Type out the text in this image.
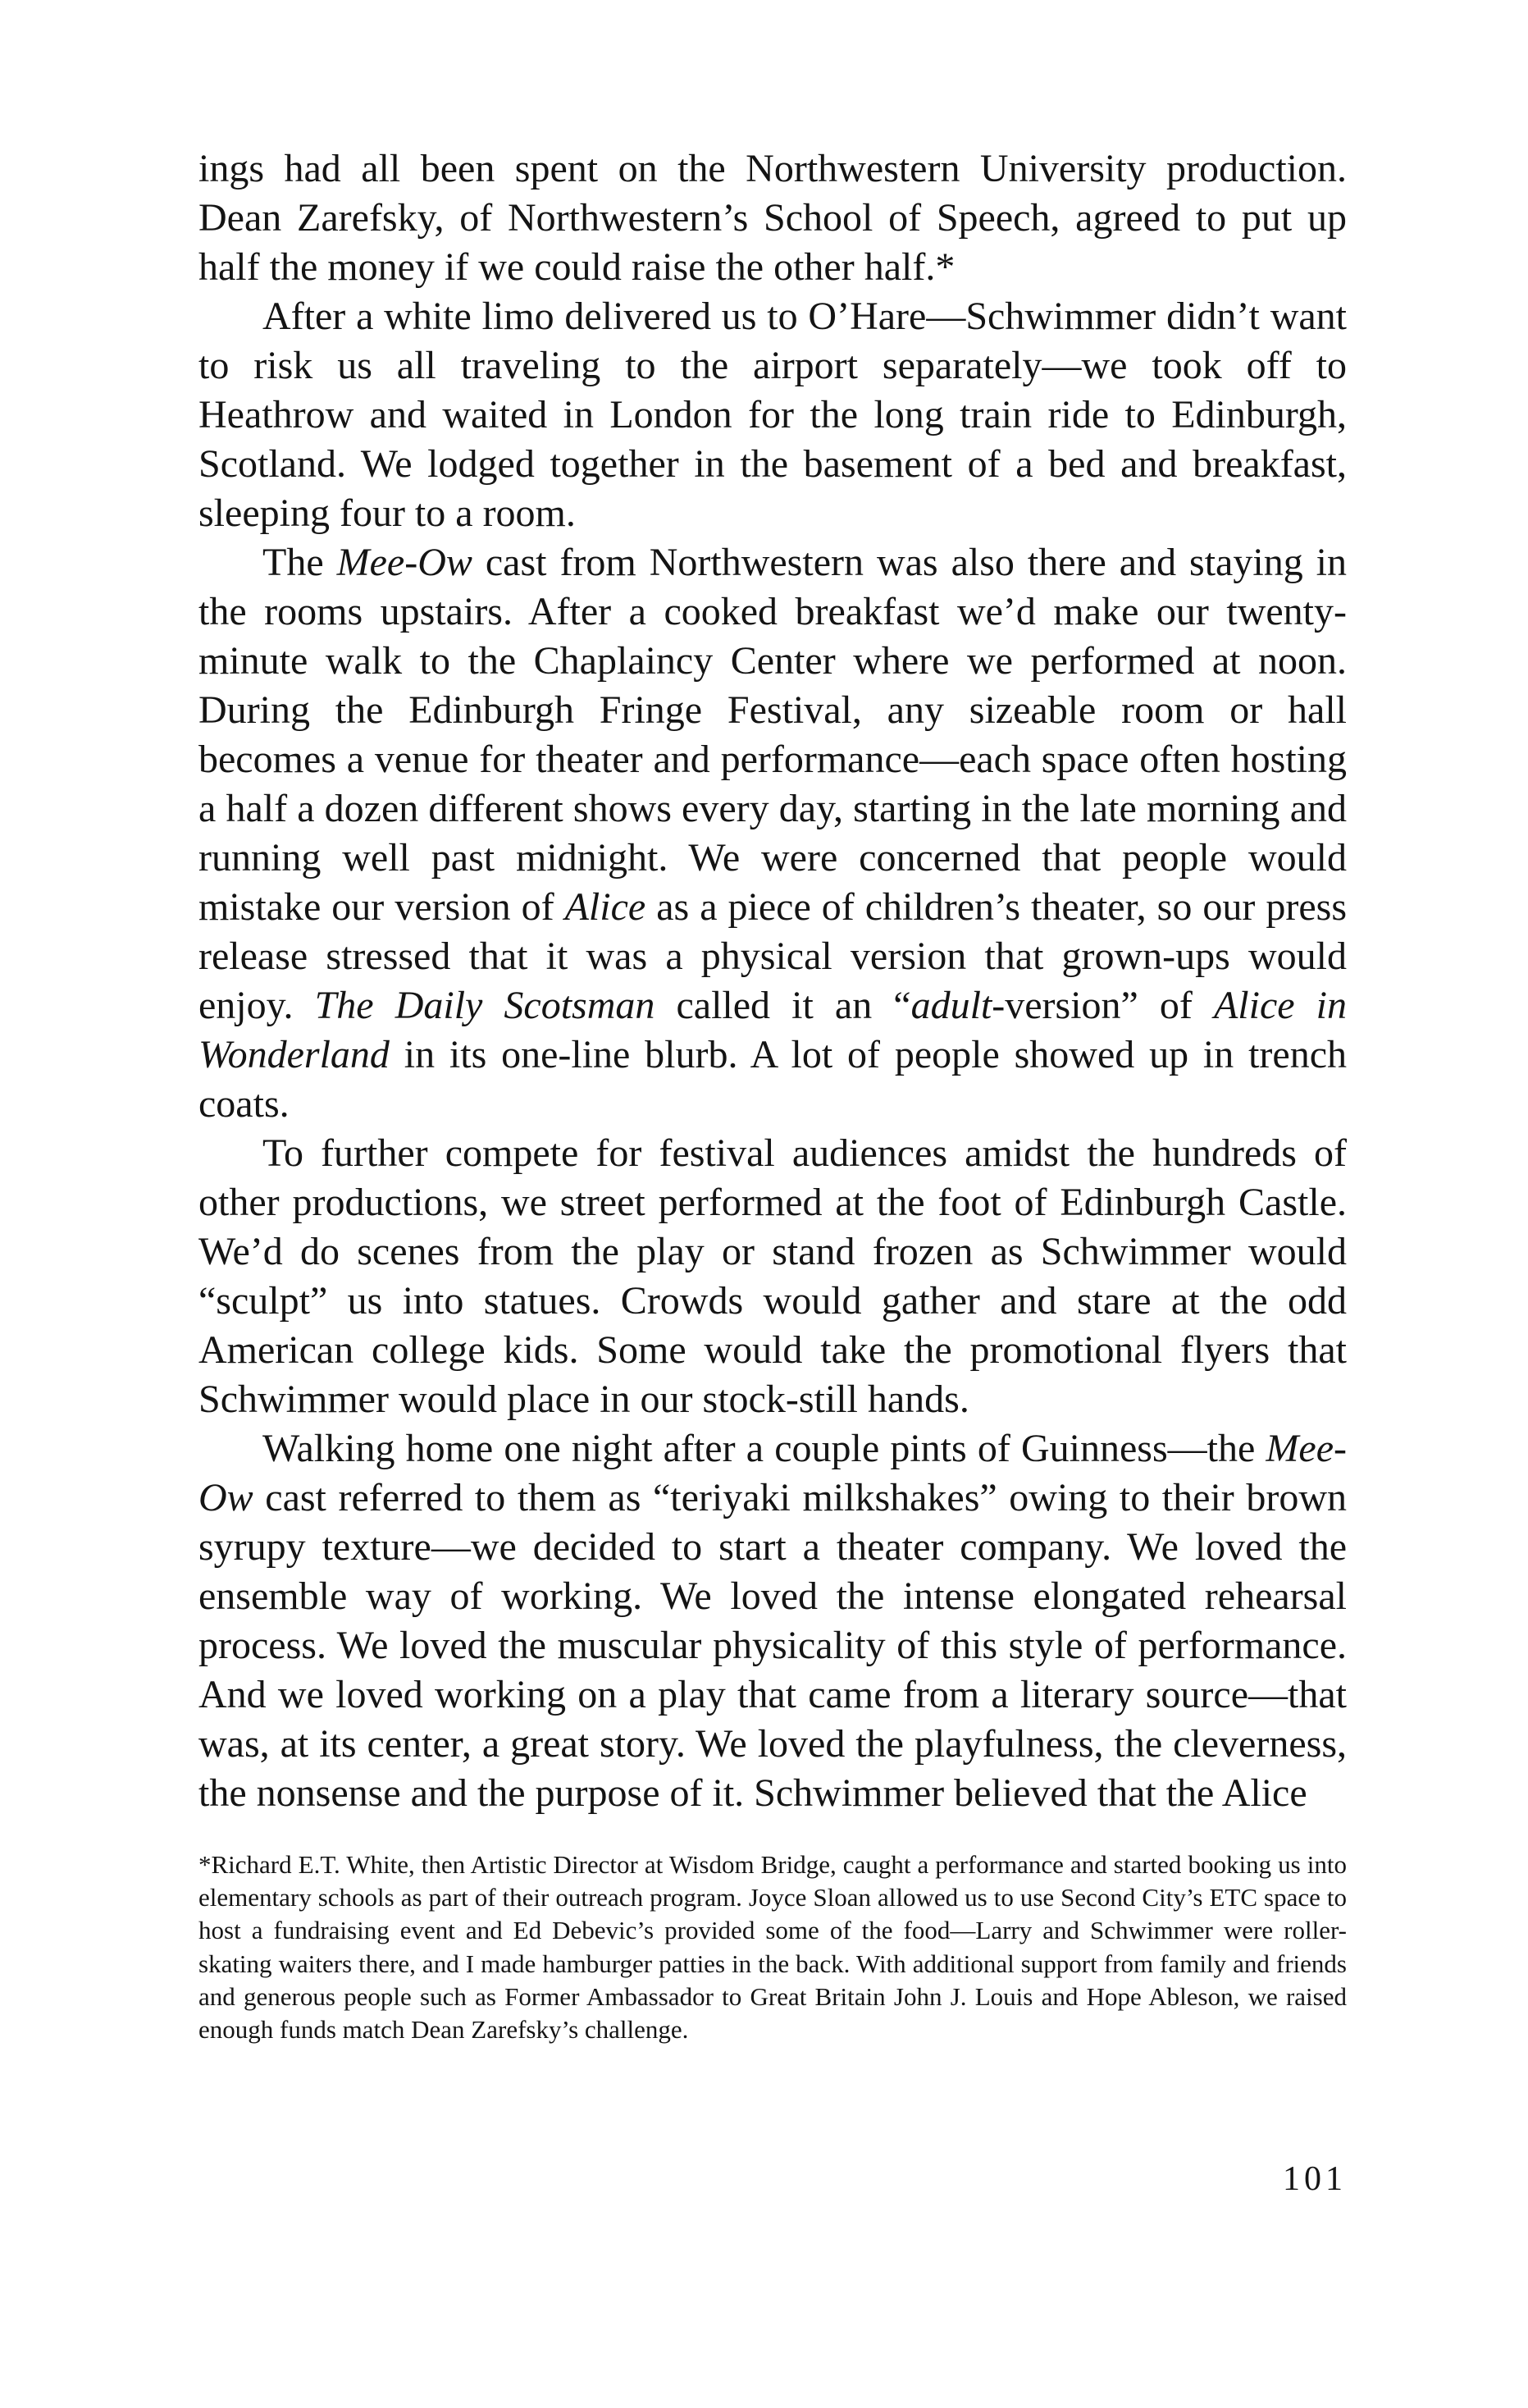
ings had all been spent on the Northwestern University production. Dean Zarefsky, of Northwestern’s School of Speech, agreed to put up half the money if we could raise the other half.*

After a white limo delivered us to O’Hare—Schwimmer didn’t want to risk us all traveling to the airport separately—we took off to Heathrow and waited in London for the long train ride to Edinburgh, Scotland. We lodged together in the basement of a bed and breakfast, sleeping four to a room.

The Mee-Ow cast from Northwestern was also there and staying in the rooms upstairs. After a cooked breakfast we’d make our twenty-minute walk to the Chaplaincy Center where we performed at noon. During the Edinburgh Fringe Festival, any sizeable room or hall becomes a venue for theater and performance—each space often hosting a half a dozen different shows every day, starting in the late morning and running well past midnight. We were concerned that people would mistake our version of Alice as a piece of children’s theater, so our press release stressed that it was a physical version that grown-ups would enjoy. The Daily Scotsman called it an “adult-version” of Alice in Wonderland in its one-line blurb. A lot of people showed up in trench coats.

To further compete for festival audiences amidst the hundreds of other productions, we street performed at the foot of Edinburgh Castle. We’d do scenes from the play or stand frozen as Schwimmer would “sculpt” us into statues. Crowds would gather and stare at the odd American college kids. Some would take the promotional flyers that Schwimmer would place in our stock-still hands.

Walking home one night after a couple pints of Guinness—the Mee-Ow cast referred to them as “teriyaki milkshakes” owing to their brown syrupy texture—we decided to start a theater company. We loved the ensemble way of working. We loved the intense elongated rehearsal process. We loved the muscular physicality of this style of performance. And we loved working on a play that came from a literary source—that was, at its center, a great story. We loved the playfulness, the cleverness, the nonsense and the purpose of it. Schwimmer believed that the Alice

*Richard E.T. White, then Artistic Director at Wisdom Bridge, caught a performance and started booking us into elementary schools as part of their outreach program. Joyce Sloan allowed us to use Second City’s ETC space to host a fundraising event and Ed Debevic’s provided some of the food—Larry and Schwimmer were roller-skating waiters there, and I made hamburger patties in the back. With additional support from family and friends and generous people such as Former Ambassador to Great Britain John J. Louis and Hope Ableson, we raised enough funds match Dean Zarefsky’s challenge.

101
